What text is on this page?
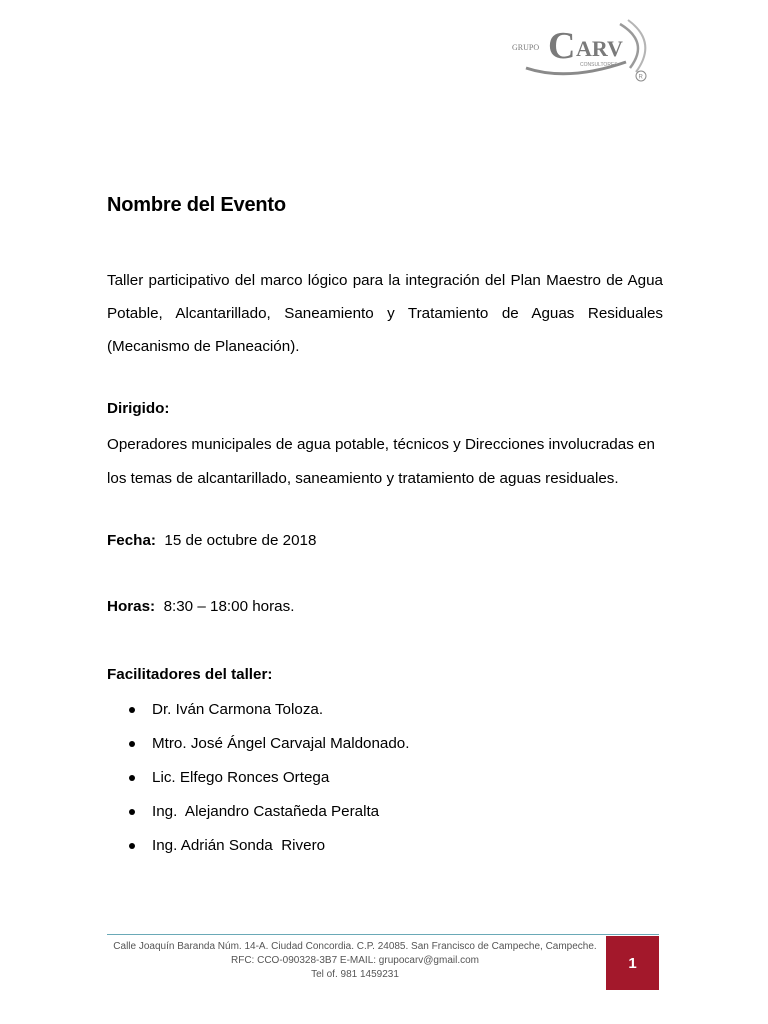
C
GRUPO ARV
CONSULTORES
R
Nombre del Evento
Taller participativo del marco lógico para la integración del Plan Maestro de Agua Potable, Alcantarillado, Saneamiento y Tratamiento de Aguas Residuales (Mecanismo de Planeación).
Dirigido:
Operadores municipales de agua potable, técnicos y Direcciones involucradas en los temas de alcantarillado, saneamiento y tratamiento de aguas residuales.
Fecha: 15 de octubre de 2018
Horas: 8:30 – 18:00 horas.
Facilitadores del taller:
Dr. Iván Carmona Toloza.
Mtro. José Ángel Carvajal Maldonado.
Lic. Elfego Ronces Ortega
Ing.  Alejandro Castañeda Peralta
Ing. Adrián Sonda  Rivero
Calle Joaquín Baranda Núm. 14-A. Ciudad Concordia. C.P. 24085. San Francisco de Campeche, Campeche.
RFC: CCO-090328-3B7 E-MAIL: grupocarv@gmail.com
Tel of. 981 1459231
1
